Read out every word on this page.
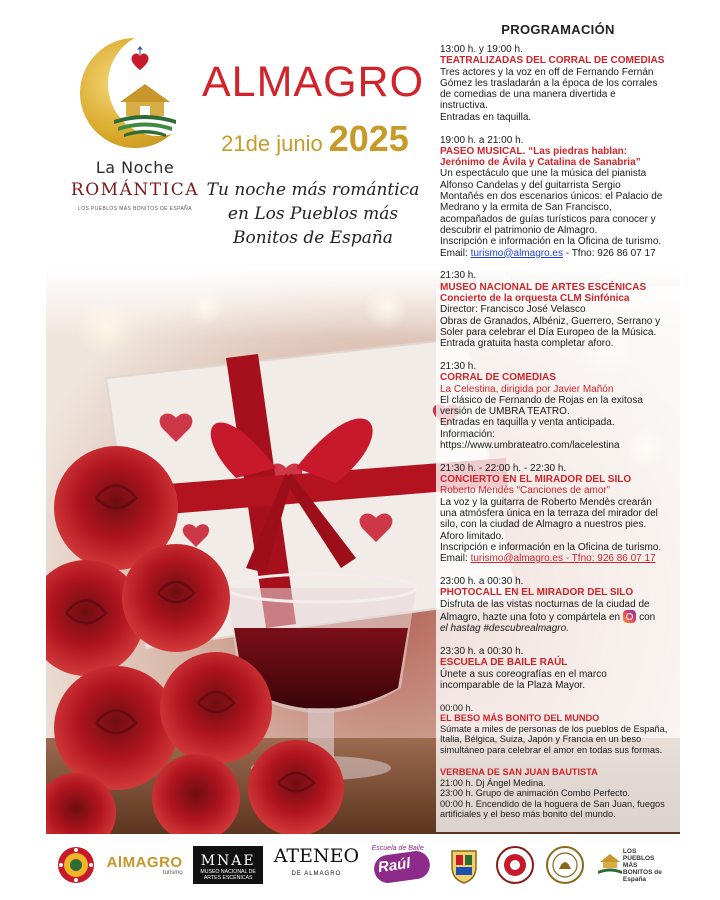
La Noche
ROMÁNTICA
LOS PUEBLOS MÁS BONITOS DE ESPAÑA
ALMAGRO
21de junio 2025
Tu noche más romántica
en Los Pueblos más
Bonitos de España
PROGRAMACIÓN
13:00 h. y 19:00 h.
TEATRALIZADAS DEL CORRAL DE COMEDIAS
Tres actores y la voz en off de Fernando Fernán
Gómez les trasladarán a la época de los corrales
de comedias de una manera divertida e
instructiva.
Entradas en taquilla.
19:00 h. a 21:00 h.
PASEO MUSICAL. “Las piedras hablan:
Jerónimo de Ávila y Catalina de Sanabria”
Un espectáculo que une la música del pianista
Alfonso Candelas y del guitarrista Sergio
Montañés en dos escenarios únicos: el Palacio de
Medrano y la ermita de San Francisco,
acompañados de guías turísticos para conocer y
descubrir el patrimonio de Almagro.
Inscripción e información en la Oficina de turismo.
Email: turismo@almagro.es - Tfno: 926 86 07 17
21:30 h.
MUSEO NACIONAL DE ARTES ESCÉNICAS
Concierto de la orquesta CLM Sinfónica
Director: Francisco José Velasco
Obras de Granados, Albéniz, Guerrero, Serrano y
Soler para celebrar el Día Europeo de la Música.
Entrada gratuita hasta completar aforo.
21:30 h.
CORRAL DE COMEDIAS
La Celestina, dirigida por Javier Mañón
El clásico de Fernando de Rojas en la exitosa
versión de UMBRA TEATRO.
Entradas en taquilla y venta anticipada.
Información:
https://www.umbrateatro.com/lacelestina
21:30 h. - 22:00 h. - 22:30 h.
CONCIERTO EN EL MIRADOR DEL SILO
Roberto Mendès “Canciones de amor”
La voz y la guitarra de Roberto Mendès crearán
una atmósfera única en la terraza del mirador del
silo, con la ciudad de Almagro a nuestros pies.
Aforo limitado.
Inscripción e información en la Oficina de turismo.
Email: turismo@almagro.es - Tfno: 926 86 07 17
23:00 h. a 00:30 h.
PHOTOCALL EN EL MIRADOR DEL SILO
Disfruta de las vistas nocturnas de la ciudad de
Almagro, hazte una foto y compártela en con
el hastag #descubrealmagro.
23:30 h. a 00:30 h.
ESCUELA DE BAILE RAÚL
Únete a sus coreografías en el marco
incomparable de la Plaza Mayor.
00:00 h.
EL BESO MÁS BONITO DEL MUNDO
Súmate a miles de personas de los pueblos de España,
Italia, Bélgica, Suiza, Japón y Francia en un beso
simultáneo para celebrar el amor en todas sus formas.
VERBENA DE SAN JUAN BAUTISTA
21:00 h. Dj Ángel Medina.
23:00 h. Grupo de animación Combo Perfecto.
00:00 h. Encendido de la hoguera de San Juan, fuegos
artificiales y el beso más bonito del mundo.
AlMAGRO
turismo
MNAE
MUSEO NACIONAL DE ARTES ESCÉNICAS
ATENEO
DE ALMAGRO
Escuela de Baile
Raúl
LOS PUEBLOS MÁS BONITOS de España
